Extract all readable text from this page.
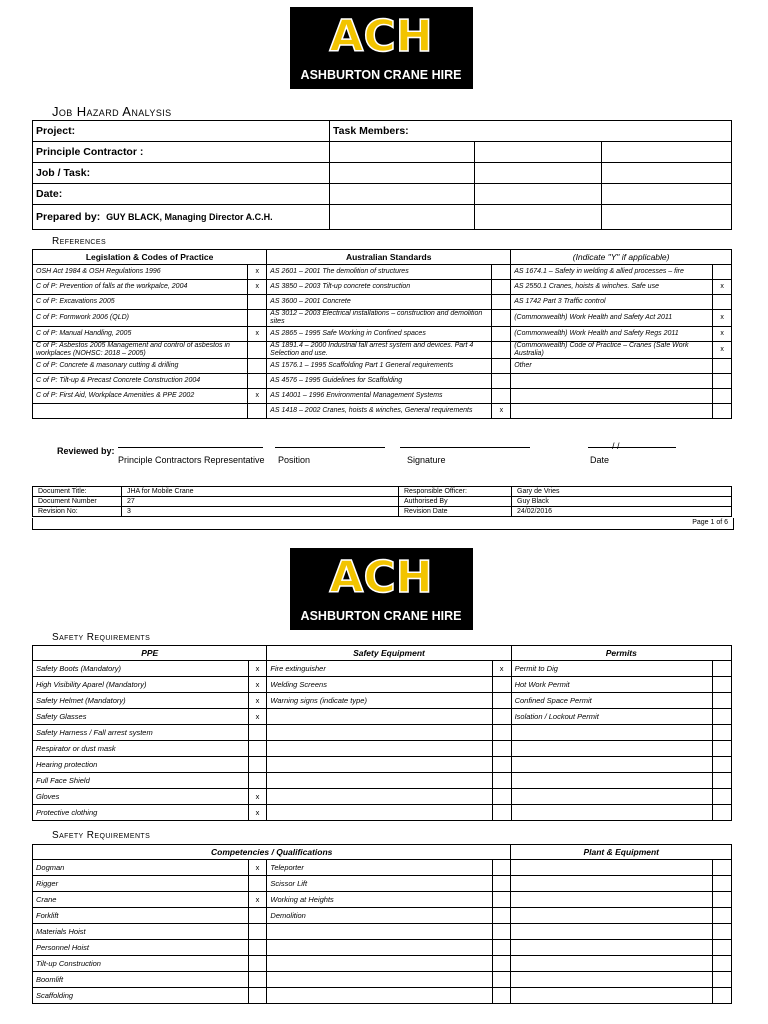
ACH
ASHBURTON CRANE HIRE
Job Hazard Analysis
Project:	Task Members:		
Principle Contractor :			
Job / Task:			
Date:			
Prepared by: GUY BLACK, Managing Director A.C.H.			
References
Legislation & Codes of Practice		Australian Standards		(Indicate "Y" if applicable)	
OSH Act 1984 & OSH Regulations 1996	x	AS 2601 – 2001 The demolition of structures		AS 1674.1 – Safety in welding & allied processes – fire	
C of P: Prevention of falls at the workpalce, 2004	x	AS 3850 – 2003 Tilt-up concrete construction		AS 2550.1 Cranes, hoists & winches. Safe use	x
C of P: Excavations 2005		AS 3600 – 2001 Concrete		AS 1742 Part 3 Traffic control	
C of P: Formwork 2006 (QLD)		AS 3012 – 2003 Electrical installations – construction and demolition sites		(Commonwealth) Work Health and Safety Act 2011	x
C of P: Manual Handling, 2005	x	AS 2865 – 1995 Safe Working in Confined spaces		(Commonwealth) Work Health and Safety Regs 2011	x
C of P: Asbestos 2005 Management and control of asbestos in workplaces (NOHSC: 2018 – 2005)		AS 1891.4 – 2000 Industrial fall arrest system and devices. Part 4 Selection and use.		(Commonwealth) Code of Practice – Cranes (Safe Work Australia)	x
C of P: Concrete & masonary cutting & drilling		AS 1576.1 – 1995 Scaffolding Part 1 General requirements		Other	
C of P: Tilt-up & Precast Concrete Construction 2004		AS 4576 – 1995 Guidelines for Scaffolding			
C of P: First Aid, Workplace Amenities & PPE 2002	x	AS 14001 – 1996 Environmental Management Systems			
		AS 1418 – 2002 Cranes, hoists & winches, General requirements	x		
Reviewed by:	/ /
Principle Contractors Representative Position	Signature	Date
Document Title:	JHA for Mobile Crane	Responsible Officer:	Gary de Vries
Document Number	27	Authorised By	Guy Black
Revision No:	3	Revision Date	24/02/2016
Page 1 of 6
ACH
ASHBURTON CRANE HIRE
Safety Requirements
PPE		Safety Equipment		Permits	
Safety Boots (Mandatory)	x	Fire extinguisher	x	Permit to Dig	
High Visibility Aparel (Mandatory)	x	Welding Screens		Hot Work Permit	
Safety Helmet (Mandatory)	x	Warning signs (indicate type)		Confined Space Permit	
Safety Glasses	x			Isolation / Lockout Permit	
Safety Harness / Fall arrest system					
Respirator or dust mask					
Hearing protection					
Full Face Shield					
Gloves	x				
Protective clothing	x				
Safety Requirements
Competencies / Qualifications				Plant & Equipment	
Dogman	x	Teleporter			
Rigger		Scissor Lift			
Crane	x	Working at Heights			
Forklift		Demolition			
Materials Hoist					
Personnel Hoist					
Tilt-up Construction					
Boomlift					
Scaffolding					
